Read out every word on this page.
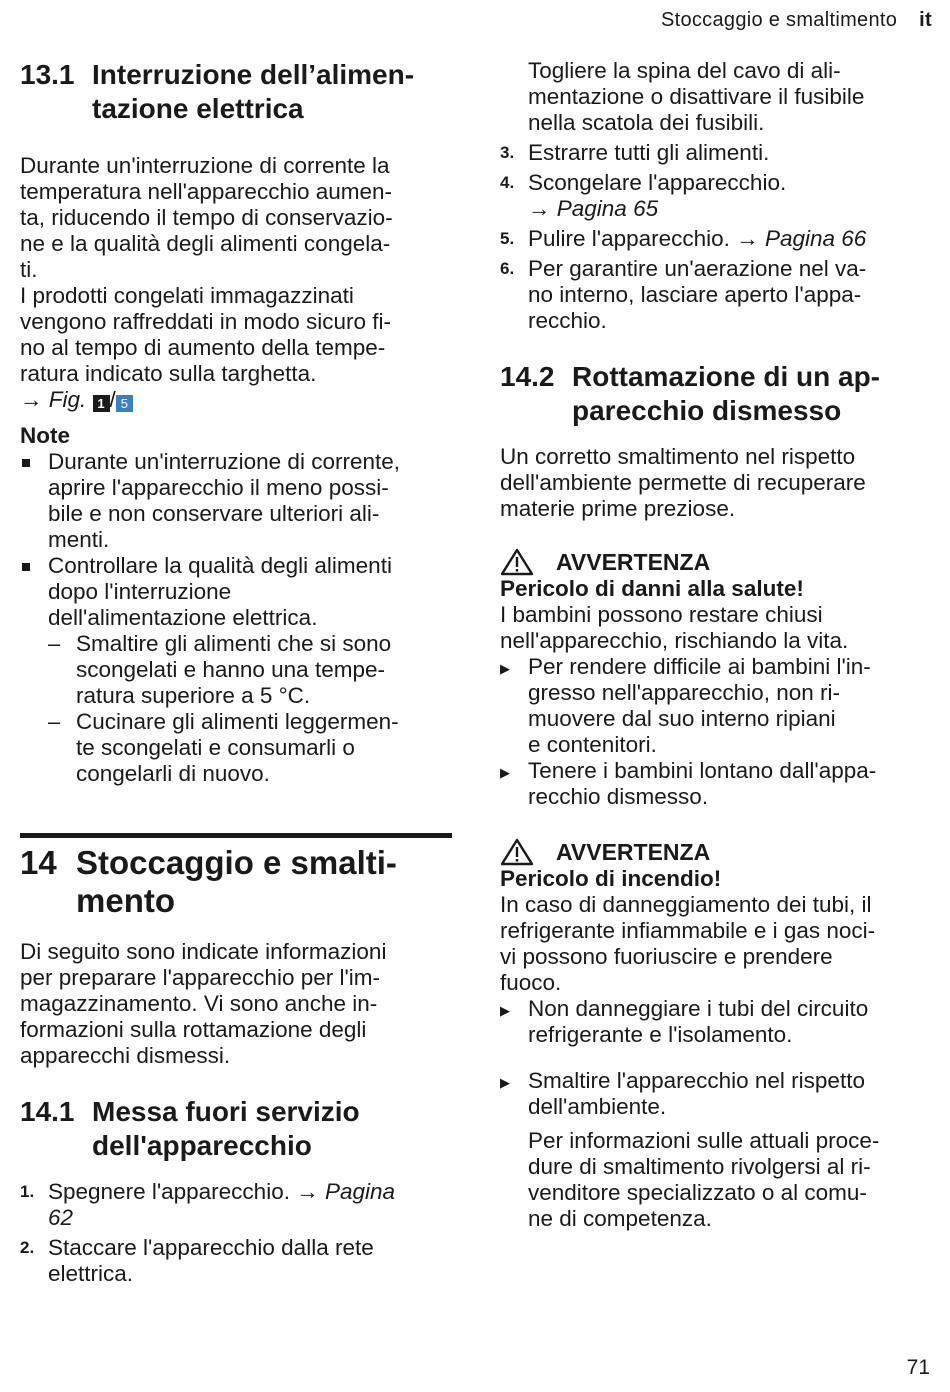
Stoccaggio e smaltimento it
13.1 Interruzione dell’alimen-
tazione elettrica

Durante un'interruzione di corrente la
temperatura nell'apparecchio aumen-
ta, riducendo il tempo di conservazio-
ne e la qualità degli alimenti congela-
ti.

I prodotti congelati immagazzinati
vengono raffreddati in modo sicuro fi-
no al tempo di aumento della tempe-
ratura indicato sulla targhetta.

→ Fig. 1 / 5

Note

Durante un'interruzione di corrente,
aprire l'apparecchio il meno possi-
bile e non conservare ulteriori ali-
menti.
Controllare la qualità degli alimenti
dopo l'interruzione
dell'alimentazione elettrica.
– Smaltire gli alimenti che si sono
scongelati e hanno una tempe-
ratura superiore a 5 °C.
– Cucinare gli alimenti leggermen-
te scongelati e consumarli o
congelarli di nuovo.
14 Stoccaggio e smalti-
mento

Di seguito sono indicate informazioni
per preparare l'apparecchio per l'im-
magazzinamento. Vi sono anche in-
formazioni sulla rottamazione degli
apparecchi dismessi.

14.1 Messa fuori servizio
dell'apparecchio
1. Spegnere l'apparecchio. → Pagina
62
2. Staccare l'apparecchio dalla rete
elettrica.

Togliere la spina del cavo di ali-
mentazione o disattivare il fusibile
nella scatola dei fusibili.

3. Estrarre tutti gli alimenti.
4. Scongelare l'apparecchio.
→ Pagina 65
5. Pulire l'apparecchio. → Pagina 66
6. Per garantire un'aerazione nel va-
no interno, lasciare aperto l'appa-
recchio.
14.2 Rottamazione di un ap-
parecchio dismesso

Un corretto smaltimento nel rispetto
dell'ambiente permette di recuperare
materie prime preziose.

AVVERTENZA

Pericolo di danni alla salute!

I bambini possono restare chiusi
nell'apparecchio, rischiando la vita.

▶ Per rendere difficile ai bambini l'in-
gresso nell'apparecchio, non ri-
muovere dal suo interno ripiani
e contenitori.
▶ Tenere i bambini lontano dall'appa-
recchio dismesso.
AVVERTENZA

Pericolo di incendio!

In caso di danneggiamento dei tubi, il
refrigerante infiammabile e i gas noci-
vi possono fuoriuscire e prendere
fuoco.

▶ Non danneggiare i tubi del circuito
refrigerante e l'isolamento.
▶ Smaltire l'apparecchio nel rispetto
dell'ambiente.

Per informazioni sulle attuali proce-
dure di smaltimento rivolgersi al ri-
venditore specializzato o al comu-
ne di competenza.

71
